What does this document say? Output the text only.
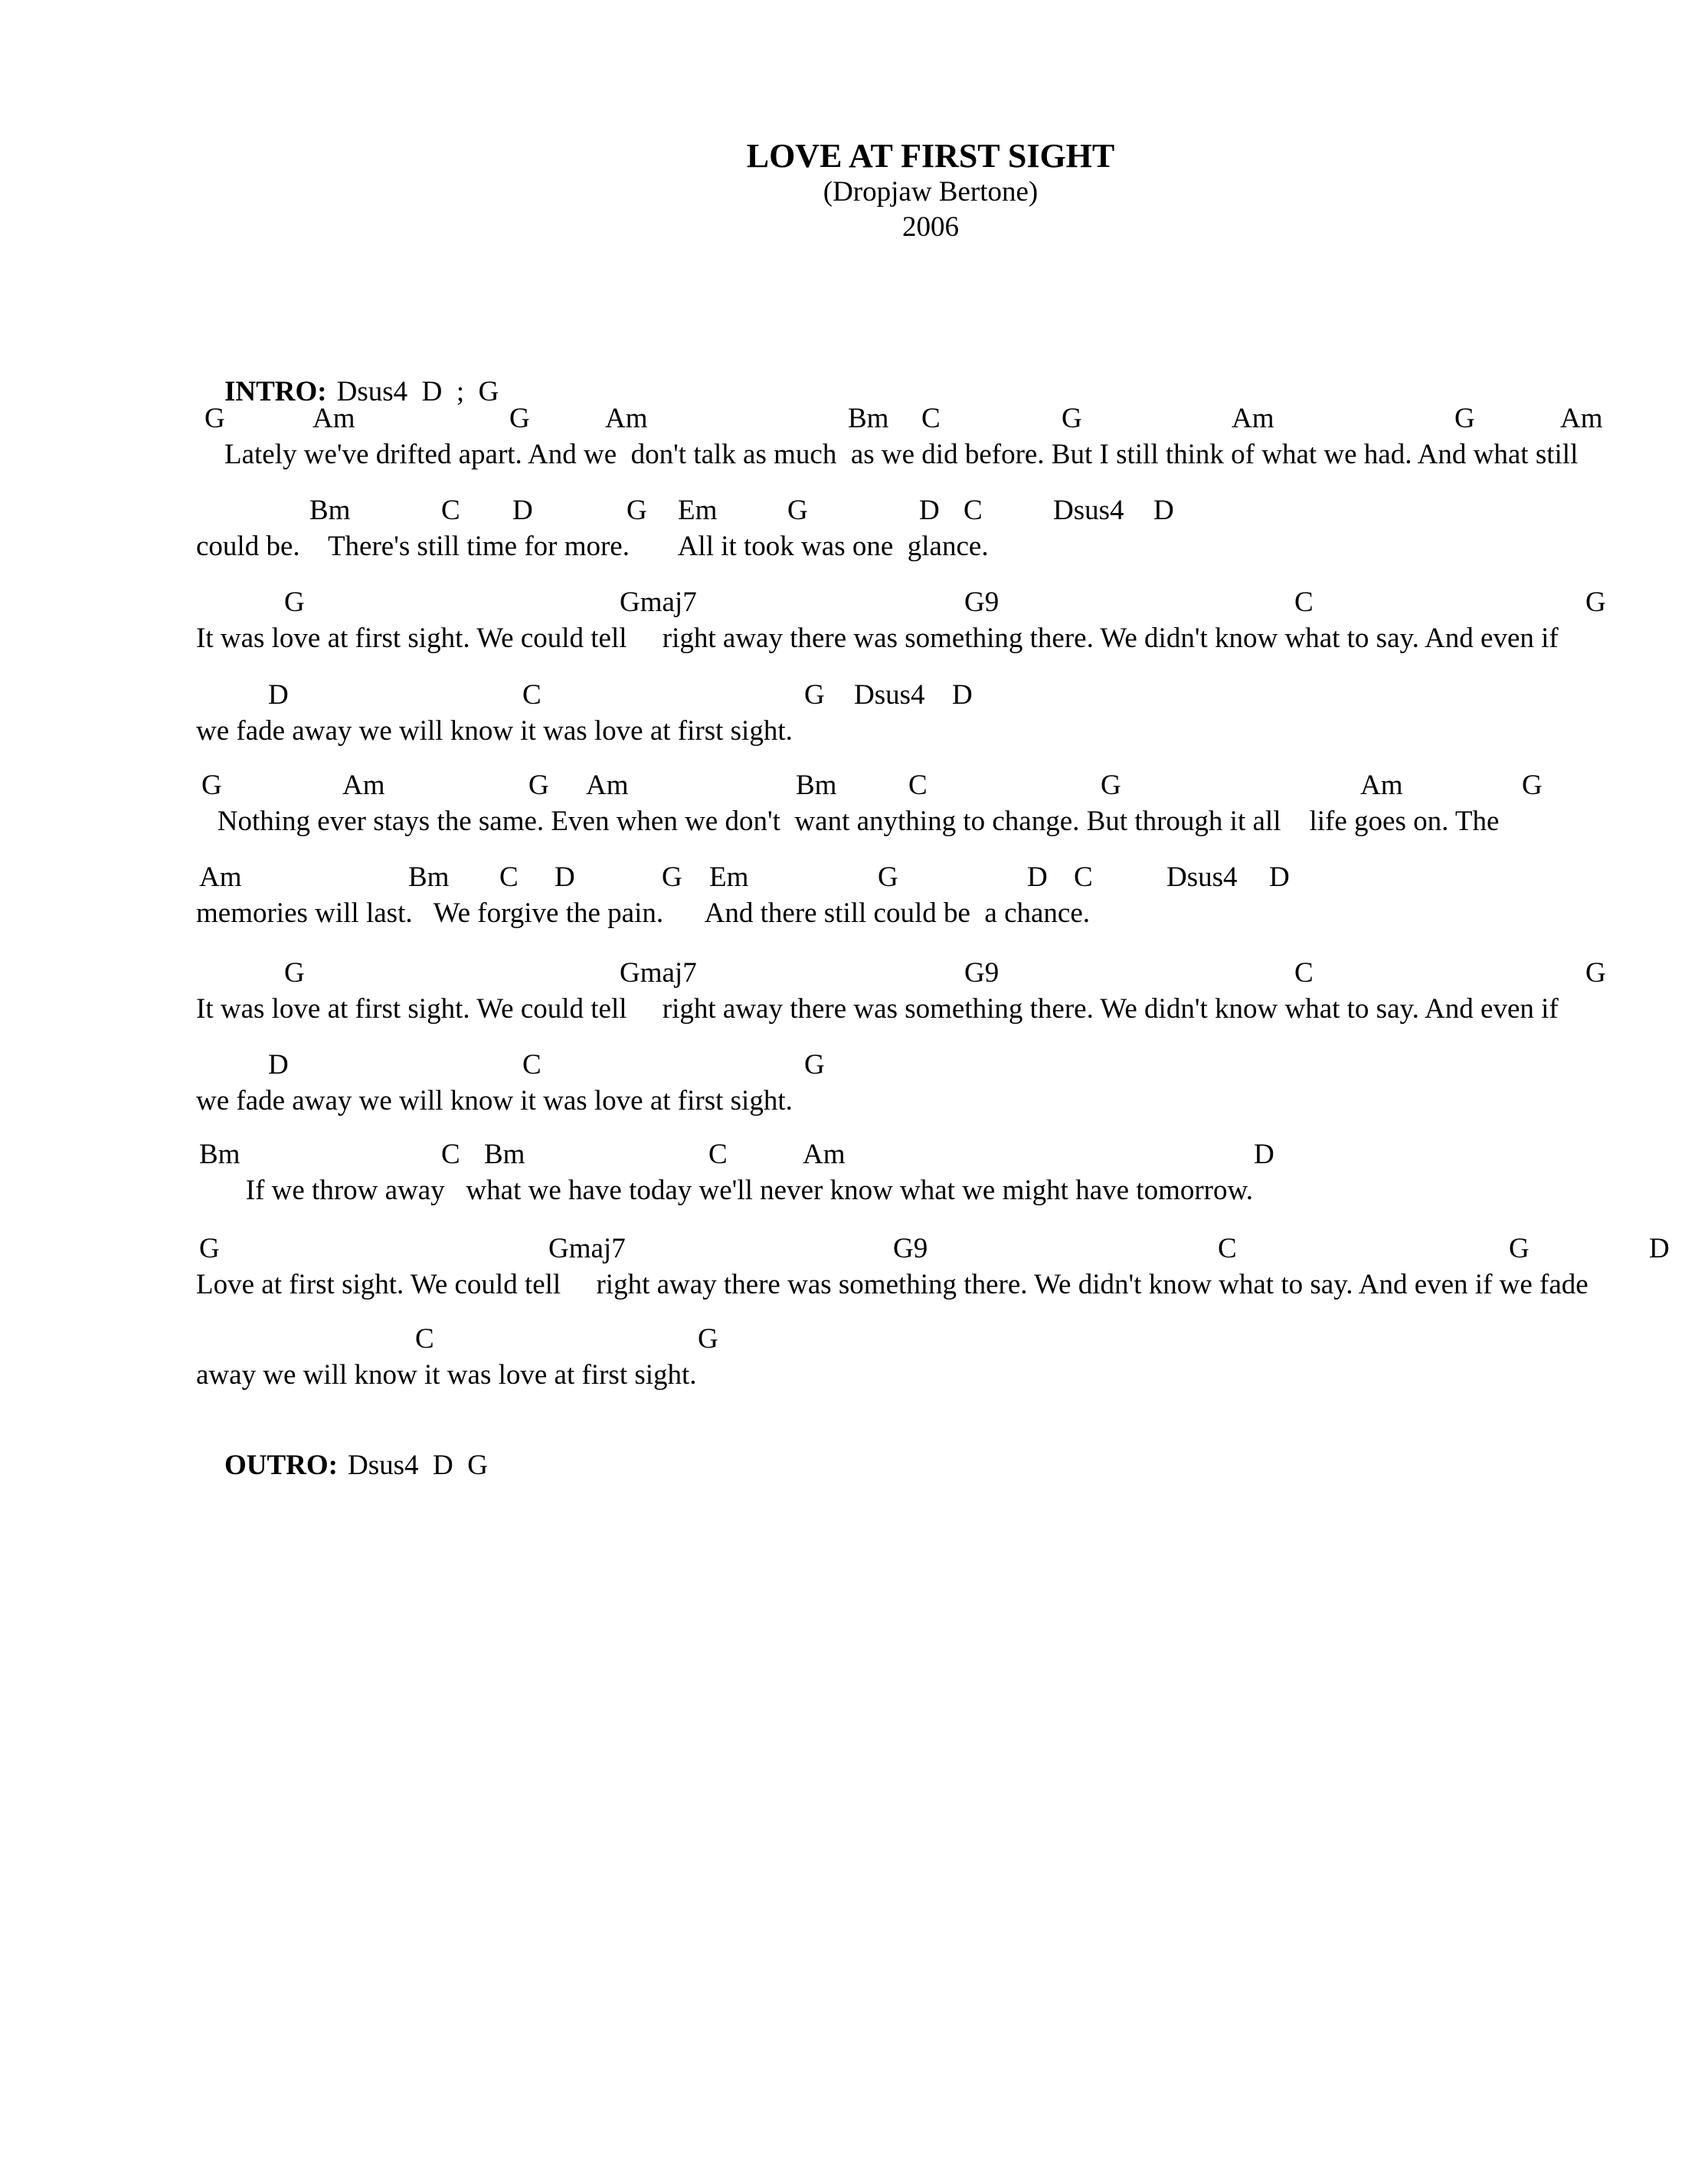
LOVE AT FIRST SIGHT
(Dropjaw Bertone)
2006

INTRO: Dsus4  D  ;  G

G	Am	G	Am	Bm C	G	Am	G	Am
Lately we've drifted apart. And we  don't talk as much  as we did before. But I still think of what we had. And what still
Bm	C D	G Em G	D C Dsus4 D
could be.    There's still time for more.       All it took was one  glance.
G	Gmaj7	G9	C	G
It was love at first sight. We could tell     right away there was something there. We didn't know what to say. And even if
D	C	G Dsus4 D
we fade away we will know it was love at first sight.
G	Am	G Am	Bm	C	G	Am	G
Nothing ever stays the same. Even when we don't  want anything to change. But through it all    life goes on. The
Am	Bm C D	G Em	G	D C	Dsus4 D
memories will last.   We forgive the pain.      And there still could be  a chance.
G	Gmaj7	G9	C	G
It was love at first sight. We could tell     right away there was something there. We didn't know what to say. And even if
D	C	G
we fade away we will know it was love at first sight.
Bm	C Bm	C	Am	D
If we throw away   what we have today we'll never know what we might have tomorrow.
G	Gmaj7	G9	C	G	D
Love at first sight. We could tell     right away there was something there. We didn't know what to say. And even if we fade
C	G
away we will know it was love at first sight.

OUTRO: Dsus4  D  G
